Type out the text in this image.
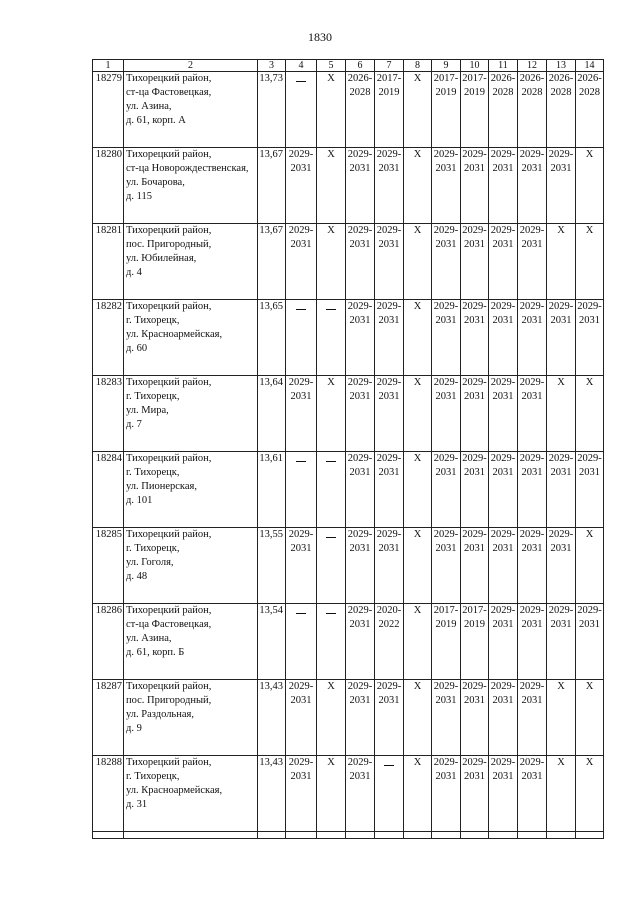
1830
1	2	3	4	5	6	7	8	9	10	11	12	13	14
18279	Тихорецкий район,
ст-ца Фастовецкая,
ул. Азина,
д. 61, корп. А	13,73		X	2026-
2028	2017-
2019	X	2017-
2019	2017-
2019	2026-
2028	2026-
2028	2026-
2028	2026-
2028

18280	Тихорецкий район,
ст-ца Новорождественская,
ул. Бочарова,
д. 115	13,67	2029-
2031	X	2029-
2031	2029-
2031	X	2029-
2031	2029-
2031	2029-
2031	2029-
2031	2029-
2031	X
18281	Тихорецкий район,
пос. Пригородный,
ул. Юбилейная,
д. 4	13,67	2029-
2031	X	2029-
2031	2029-
2031	X	2029-
2031	2029-
2031	2029-
2031	2029-
2031	X	X
18282	Тихорецкий район,
г. Тихорецк,
ул. Красноармейская,
д. 60	13,65			2029-
2031	2029-
2031	X	2029-
2031	2029-
2031	2029-
2031	2029-
2031	2029-
2031	2029-
2031

18283	Тихорецкий район,
г. Тихорецк,
ул. Мира,
д. 7	13,64	2029-
2031	X	2029-
2031	2029-
2031	X	2029-
2031	2029-
2031	2029-
2031	2029-
2031	X	X
18284	Тихорецкий район,
г. Тихорецк,
ул. Пионерская,
д. 101	13,61			2029-
2031	2029-
2031	X	2029-
2031	2029-
2031	2029-
2031	2029-
2031	2029-
2031	2029-
2031

18285	Тихорецкий район,
г. Тихорецк,
ул. Гоголя,
д. 48	13,55	2029-
2031		2029-
2031	2029-
2031	X	2029-
2031	2029-
2031	2029-
2031	2029-
2031	2029-
2031	X
18286	Тихорецкий район,
ст-ца Фастовецкая,
ул. Азина,
д. 61, корп. Б	13,54			2029-
2031	2020-
2022	X	2017-
2019	2017-
2019	2029-
2031	2029-
2031	2029-
2031	2029-
2031

18287	Тихорецкий район,
пос. Пригородный,
ул. Раздольная,
д. 9	13,43	2029-
2031	X	2029-
2031	2029-
2031	X	2029-
2031	2029-
2031	2029-
2031	2029-
2031	X	X
18288	Тихорецкий район,
г. Тихорецк,
ул. Красноармейская,
д. 31	13,43	2029-
2031	X	2029-
2031		X	2029-
2031	2029-
2031	2029-
2031	2029-
2031	X	X
